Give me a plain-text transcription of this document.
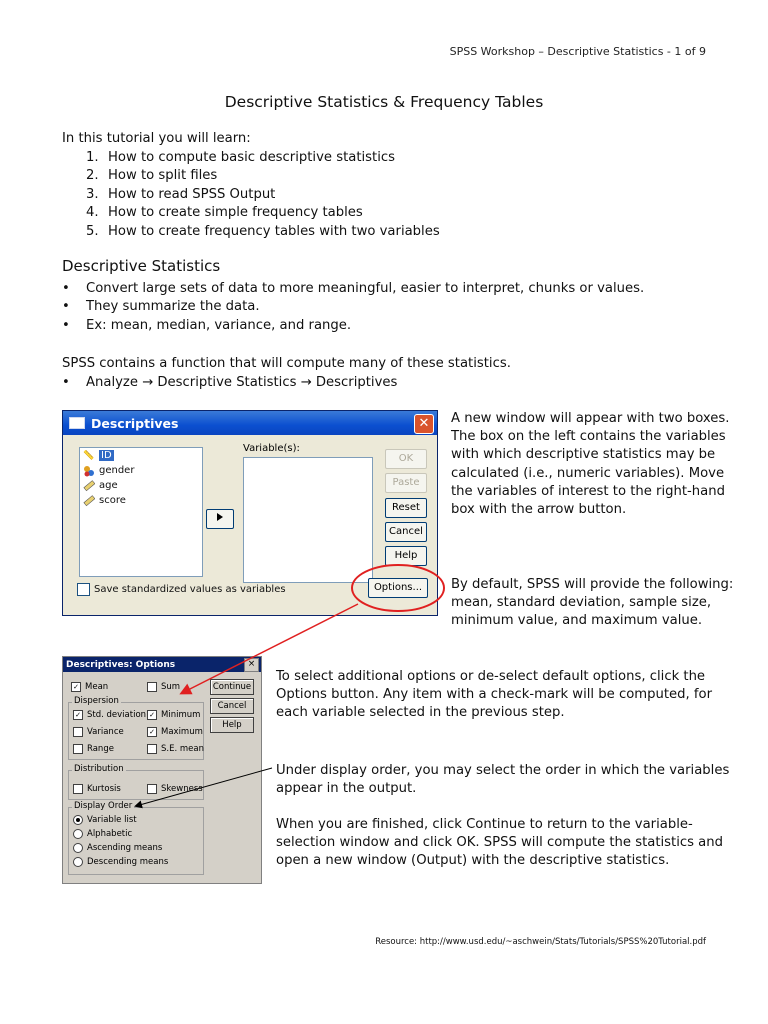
SPSS Workshop – Descriptive Statistics - 1 of 9
Descriptive Statistics & Frequency Tables
In this tutorial you will learn:
1. How to compute basic descriptive statistics
2. How to split files
3. How to read SPSS Output
4. How to create simple frequency tables
5. How to create frequency tables with two variables
Descriptive Statistics
•	Convert large sets of data to more meaningful, easier to interpret, chunks or values.
•	They summarize the data.
•	Ex: mean, median, variance, and range.
SPSS contains a function that will compute many of these statistics.
•	Analyze → Descriptive Statistics → Descriptives
Descriptives	✕
📏 ID
gender
age
score
Variable(s):
OK
Paste
Reset
Cancel
Help
Save standardized values as variables	Options...
Descriptives: Options	×
✓ Mean	Sum
Dispersion
✓ Std. deviation ✓ Minimum
Variance	✓ Maximum
Range	S.E. mean
Distribution
Kurtosis	Skewness
Display Order
Variable list
Alphabetic
Ascending means
Descending means
Continue
Cancel
Help
A new window will appear with two boxes. The box on the left contains the variables with which descriptive statistics may be calculated (i.e., numeric variables). Move the variables of interest to the right-hand box with the arrow button.
By default, SPSS will provide the following: mean, standard deviation, sample size, minimum value, and maximum value.
To select additional options or de-select default options, click the Options button. Any item with a check-mark will be computed, for each variable selected in the previous step.
Under display order, you may select the order in which the variables appear in the output.
When you are finished, click Continue to return to the variable-selection window and click OK. SPSS will compute the statistics and open a new window (Output) with the descriptive statistics.
Resource: http://www.usd.edu/~aschwein/Stats/Tutorials/SPSS%20Tutorial.pdf
